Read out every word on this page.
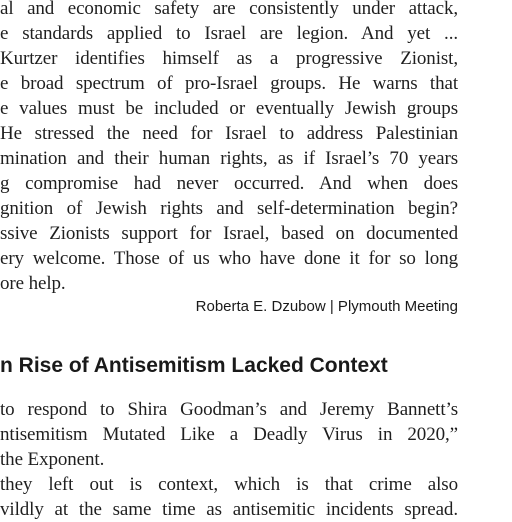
al and economic safety are consistently under attack,
e standards applied to Israel are legion. And yet ...
Kurtzer identifies himself as a progressive Zionist,
e broad spectrum of pro-Israel groups. He warns that
e values must be included or eventually Jewish groups
He stressed the need for Israel to address Palestinian
mination and their human rights, as if Israel’s 70 years
g compromise had never occurred. And when does
gnition of Jewish rights and self-determination begin?
ssive Zionists support for Israel, based on documented
ery welcome. Those of us who have done it for so long
ore help.
Roberta E. Dzubow | Plymouth Meeting
n Rise of Antisemitism Lacked Context
to respond to Shira Goodman’s and Jeremy Bannett’s
ntisemitism Mutated Like a Deadly Virus in 2020,”
the Exponent.
they left out is context, which is that crime also
vildly at the same time as antisemitic incidents spread.
